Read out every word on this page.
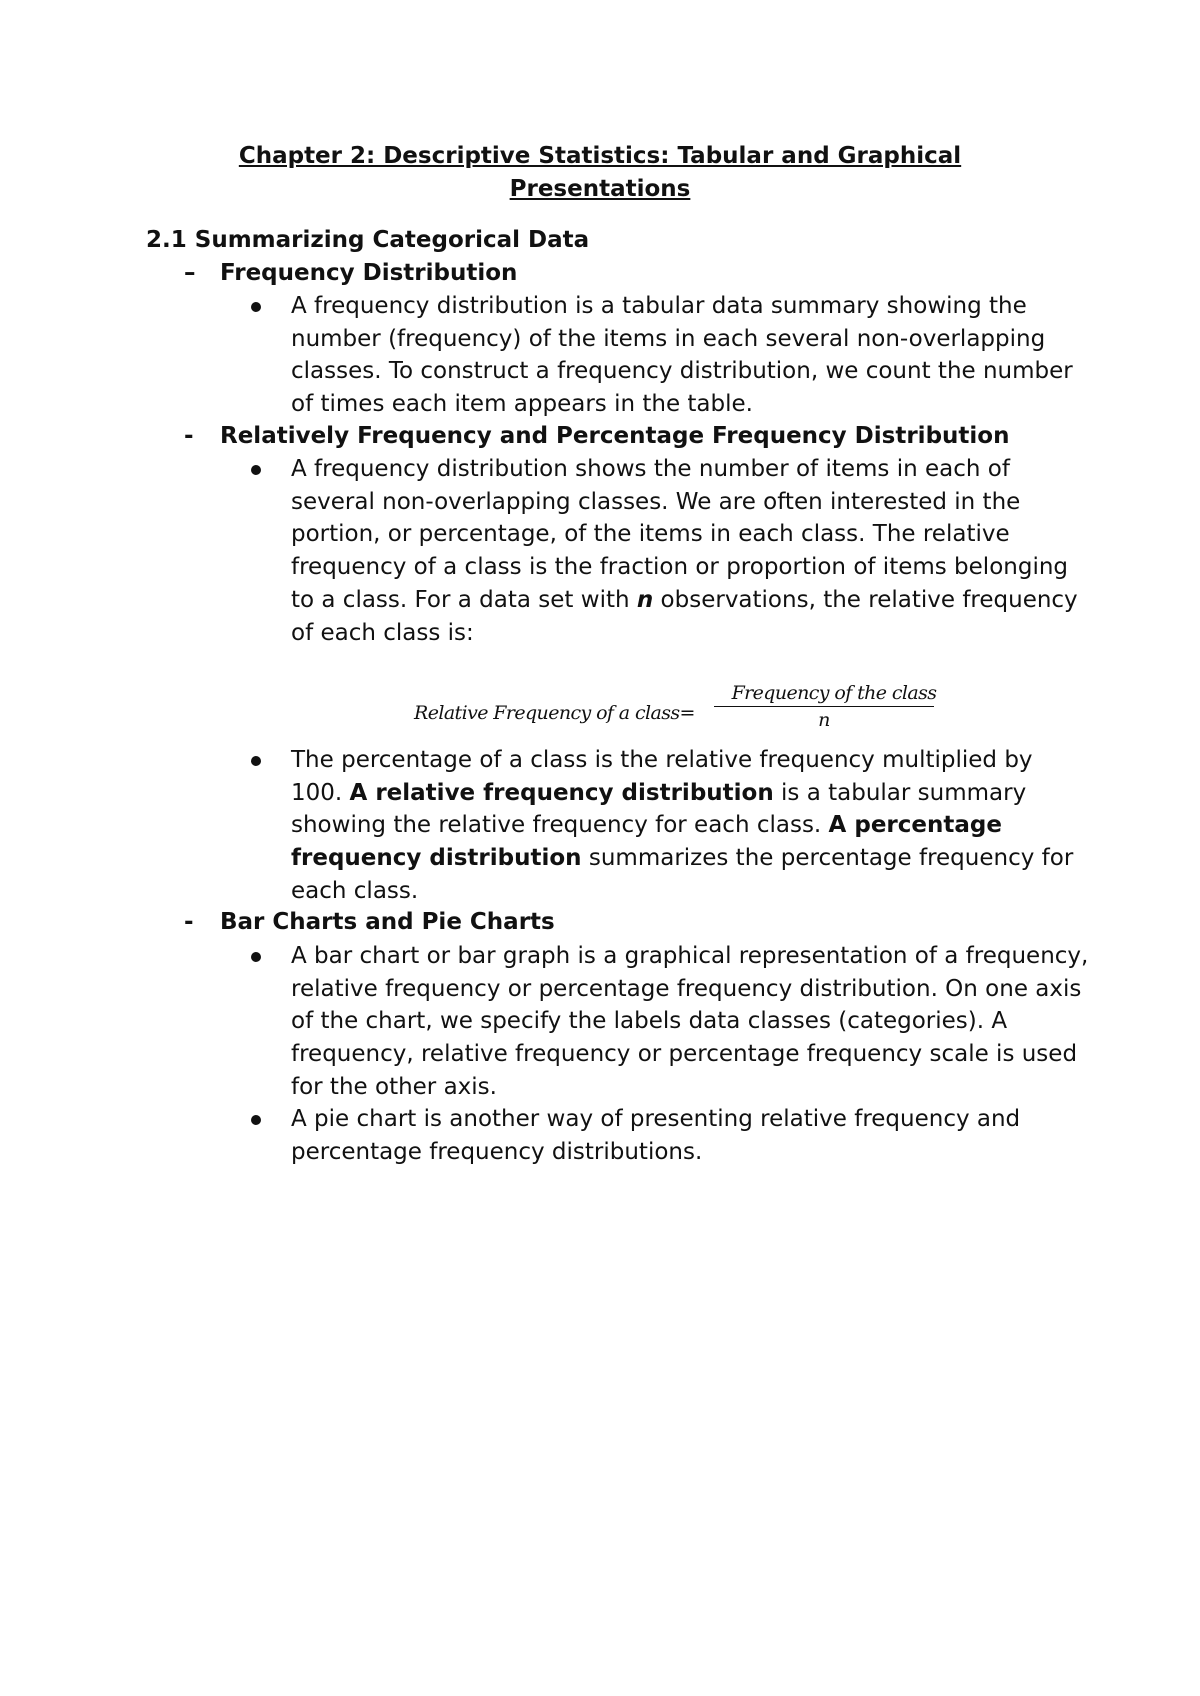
Chapter 2: Descriptive Statistics: Tabular and Graphical
Presentations
2.1 Summarizing Categorical Data
– Frequency Distribution
A frequency distribution is a tabular data summary showing the number (frequency) of the items in each several non-overlapping classes. To construct a frequency distribution, we count the number of times each item appears in the table.
- Relatively Frequency and Percentage Frequency Distribution
A frequency distribution shows the number of items in each of several non-overlapping classes. We are often interested in the portion, or percentage, of the items in each class. The relative frequency of a class is the fraction or proportion of items belonging to a class. For a data set with n observations, the relative frequency of each class is:
Relative Frequency of a class=
Frequency of the class
n
The percentage of a class is the relative frequency multiplied by 100. A relative frequency distribution is a tabular summary showing the relative frequency for each class. A percentage frequency distribution summarizes the percentage frequency for each class.
- Bar Charts and Pie Charts
A bar chart or bar graph is a graphical representation of a frequency, relative frequency or percentage frequency distribution. On one axis of the chart, we specify the labels data classes (categories). A frequency, relative frequency or percentage frequency scale is used for the other axis.
A pie chart is another way of presenting relative frequency and percentage frequency distributions.
